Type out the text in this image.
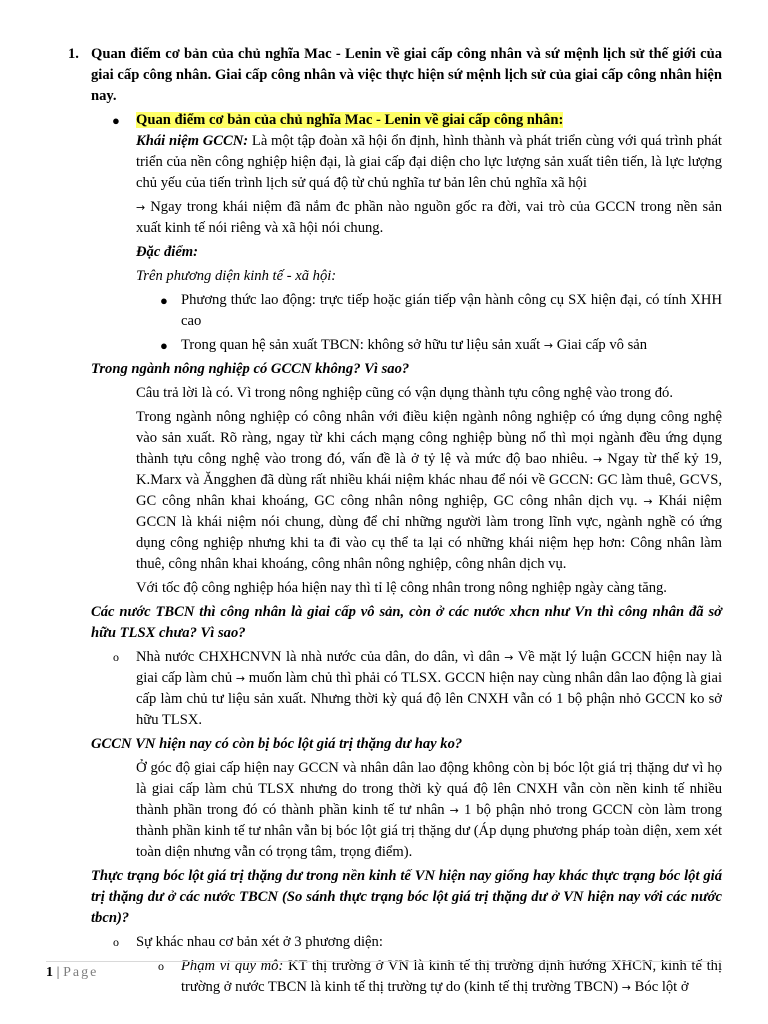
1. Quan điểm cơ bản của chủ nghĩa Mac - Lenin về giai cấp công nhân và sứ mệnh lịch sử thế giới của giai cấp công nhân. Giai cấp công nhân và việc thực hiện sứ mệnh lịch sử của giai cấp công nhân hiện nay.

● Quan điểm cơ bản của chủ nghĩa Mac - Lenin về giai cấp công nhân:

Khái niệm GCCN: Là một tập đoàn xã hội ổn định, hình thành và phát triển cùng với quá trình phát triển của nền công nghiệp hiện đại, là giai cấp đại diện cho lực lượng sản xuất tiên tiến, là lực lượng chủ yếu của tiến trình lịch sử quá độ từ chủ nghĩa tư bản lên chủ nghĩa xã hội

→ Ngay trong khái niệm đã nắm đc phần nào nguồn gốc ra đời, vai trò của GCCN trong nền sản xuất kinh tế nói riêng và xã hội nói chung.

Đặc điểm:

Trên phương diện kinh tế - xã hội:

● Phương thức lao động: trực tiếp hoặc gián tiếp vận hành công cụ SX hiện đại, có tính XHH cao

● Trong quan hệ sản xuất TBCN: không sở hữu tư liệu sản xuất → Giai cấp vô sản

Trong ngành nông nghiệp có GCCN không? Vì sao?

Câu trả lời là có. Vì trong nông nghiệp cũng có vận dụng thành tựu công nghệ vào trong đó.

Trong ngành nông nghiệp có công nhân với điều kiện ngành nông nghiệp có ứng dụng công nghệ vào sản xuất. Rõ ràng, ngay từ khi cách mạng công nghiệp bùng nổ thì mọi ngành đều ứng dụng thành tựu công nghệ vào trong đó, vấn đề là ở tỷ lệ và mức độ bao nhiêu. → Ngay từ thế kỷ 19, K.Marx và Ăngghen đã dùng rất nhiều khái niệm khác nhau để nói về GCCN: GC làm thuê, GCVS, GC công nhân khai khoáng, GC công nhân nông nghiệp, GC công nhân dịch vụ. → Khái niệm GCCN là khái niệm nói chung, dùng để chỉ những người làm trong lĩnh vực, ngành nghề có ứng dụng công nghiệp nhưng khi ta đi vào cụ thể ta lại có những khái niệm hẹp hơn: Công nhân làm thuê, công nhân khai khoáng, công nhân nông nghiệp, công nhân dịch vụ.

Với tốc độ công nghiệp hóa hiện nay thì tỉ lệ công nhân trong nông nghiệp ngày càng tăng.

Các nước TBCN thì công nhân là giai cấp vô sản, còn ở các nước xhcn như Vn thì công nhân đã sở hữu TLSX chưa? Vì sao?

o Nhà nước CHXHCNVN là nhà nước của dân, do dân, vì dân → Về mặt lý luận GCCN hiện nay là giai cấp làm chủ → muốn làm chủ thì phải có TLSX. GCCN hiện nay cùng nhân dân lao động là giai cấp làm chủ tư liệu sản xuất. Nhưng thời kỳ quá độ lên CNXH vẫn có 1 bộ phận nhỏ GCCN ko sở hữu TLSX.

GCCN VN hiện nay có còn bị bóc lột giá trị thặng dư hay ko?

Ở góc độ giai cấp hiện nay GCCN và nhân dân lao động không còn bị bóc lột giá trị thặng dư vì họ là giai cấp làm chủ TLSX nhưng do trong thời kỳ quá độ lên CNXH vẫn còn nền kinh tế nhiều thành phần trong đó có thành phần kinh tế tư nhân → 1 bộ phận nhỏ trong GCCN còn làm trong thành phần kinh tế tư nhân vẫn bị bóc lột giá trị thặng dư (Áp dụng phương pháp toàn diện, xem xét toàn diện nhưng vẫn có trọng tâm, trọng điểm).

Thực trạng bóc lột giá trị thặng dư trong nền kinh tế VN hiện nay giống hay khác thực trạng bóc lột giá trị thặng dư ở các nước TBCN (So sánh thực trạng bóc lột giá trị thặng dư ở VN hiện nay với các nước tbcn)?

o Sự khác nhau cơ bản xét ở 3 phương diện:

o Phạm vi quy mô: KT thị trường ở VN là kinh tế thị trường định hướng XHCN, kinh tế thị trường ở nước TBCN là kinh tế thị trường tự do (kinh tế thị trường TBCN) → Bóc lột ở

1 | Page
